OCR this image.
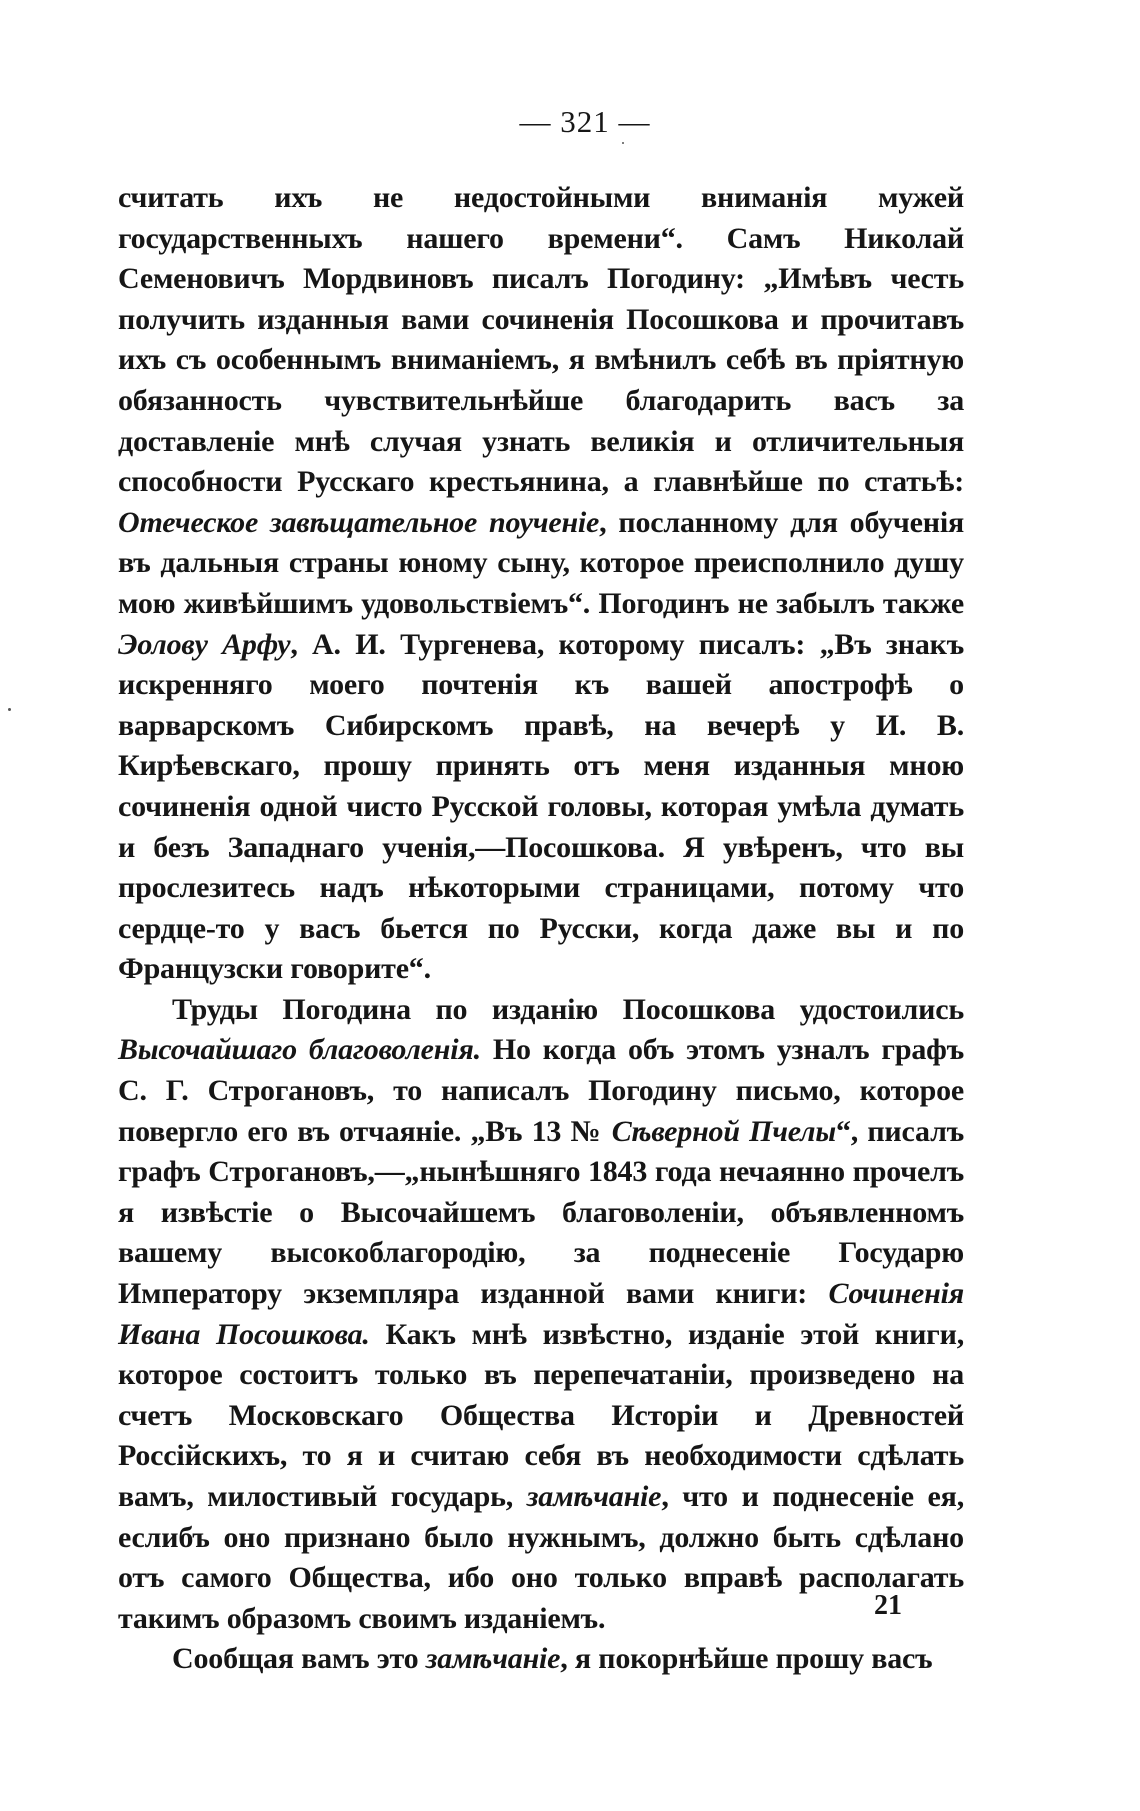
— 321 —

считать ихъ не недостойными вниманія мужей государственныхъ нашего времени“. Самъ Николай Семеновичъ Мордвиновъ писалъ Погодину: „Имѣвъ честь получить изданныя вами сочиненія Посошкова и прочитавъ ихъ съ особеннымъ вниманіемъ, я вмѣнилъ себѣ въ пріятную обязанность чувствительнѣйше благодарить васъ за доставленіе мнѣ случая узнать великія и отличительныя способности Русскаго крестьянина, а главнѣйше по статьѣ: Отеческое завѣщательное поученіе, посланному для обученія въ дальныя страны юному сыну, которое преисполнило душу мою живѣйшимъ удовольствіемъ“. Погодинъ не забылъ также Эолову Арфу, А. И. Тургенева, которому писалъ: „Въ знакъ искренняго моего почтенія къ вашей апострофѣ о варварскомъ Сибирскомъ правѣ, на вечерѣ у И. В. Кирѣевскаго, прошу принять отъ меня изданныя мною сочиненія одной чисто Русской головы, которая умѣла думать и безъ Западнаго ученія,—Посошкова. Я увѣренъ, что вы прослезитесь надъ нѣкоторыми страницами, потому что сердце-то у васъ бьется по Русски, когда даже вы и по Французски говорите“.

Труды Погодина по изданію Посошкова удостоились Высочайшаго благоволенія. Но когда объ этомъ узналъ графъ С. Г. Строгановъ, то написалъ Погодину письмо, которое повергло его въ отчаяніе. „Въ 13 № Сѣверной Пчелы“, писалъ графъ Строгановъ,—„нынѣшняго 1843 года нечаянно прочелъ я извѣстіе о Высочайшемъ благоволеніи, объявленномъ вашему высокоблагородію, за поднесеніе Государю Императору экземпляра изданной вами книги: Сочиненія Ивана Посошкова. Какъ мнѣ извѣстно, изданіе этой книги, которое состоитъ только въ перепечатаніи, произведено на счетъ Московскаго Общества Исторіи и Древностей Россійскихъ, то я и считаю себя въ необходимости сдѣлать вамъ, милостивый государь, замѣчаніе, что и поднесеніе ея, еслибъ оно признано было нужнымъ, должно быть сдѣлано отъ самого Общества, ибо оно только вправѣ располагать такимъ образомъ своимъ изданіемъ.

Сообщая вамъ это замѣчаніе, я покорнѣйше прошу васъ

21
